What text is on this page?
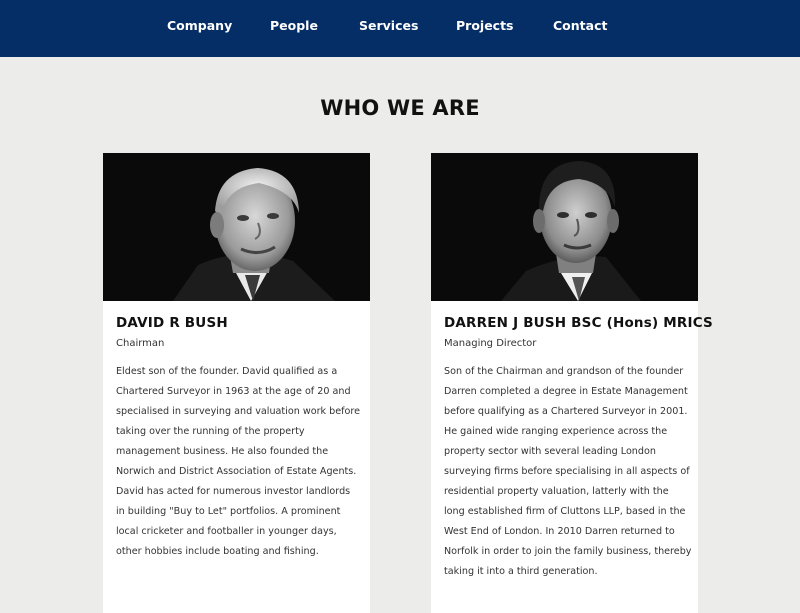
Company	People	Services	Projects	Contact
WHO WE ARE
DAVID R BUSH
Chairman

Eldest son of the founder. David qualified as a Chartered Surveyor in 1963 at the age of 20 and specialised in surveying and valuation work before taking over the running of the property management business. He also founded the Norwich and District Association of Estate Agents. David has acted for numerous investor landlords in building "Buy to Let" portfolios. A prominent local cricketer and footballer in younger days, other hobbies include boating and fishing.

DARREN J BUSH BSC (Hons) MRICS
Managing Director

Son of the Chairman and grandson of the founder Darren completed a degree in Estate Management before qualifying as a Chartered Surveyor in 2001. He gained wide ranging experience across the property sector with several leading London surveying firms before specialising in all aspects of residential property valuation, latterly with the long established firm of Cluttons LLP, based in the West End of London. In 2010 Darren returned to Norfolk in order to join the family business, thereby taking it into a third generation.
